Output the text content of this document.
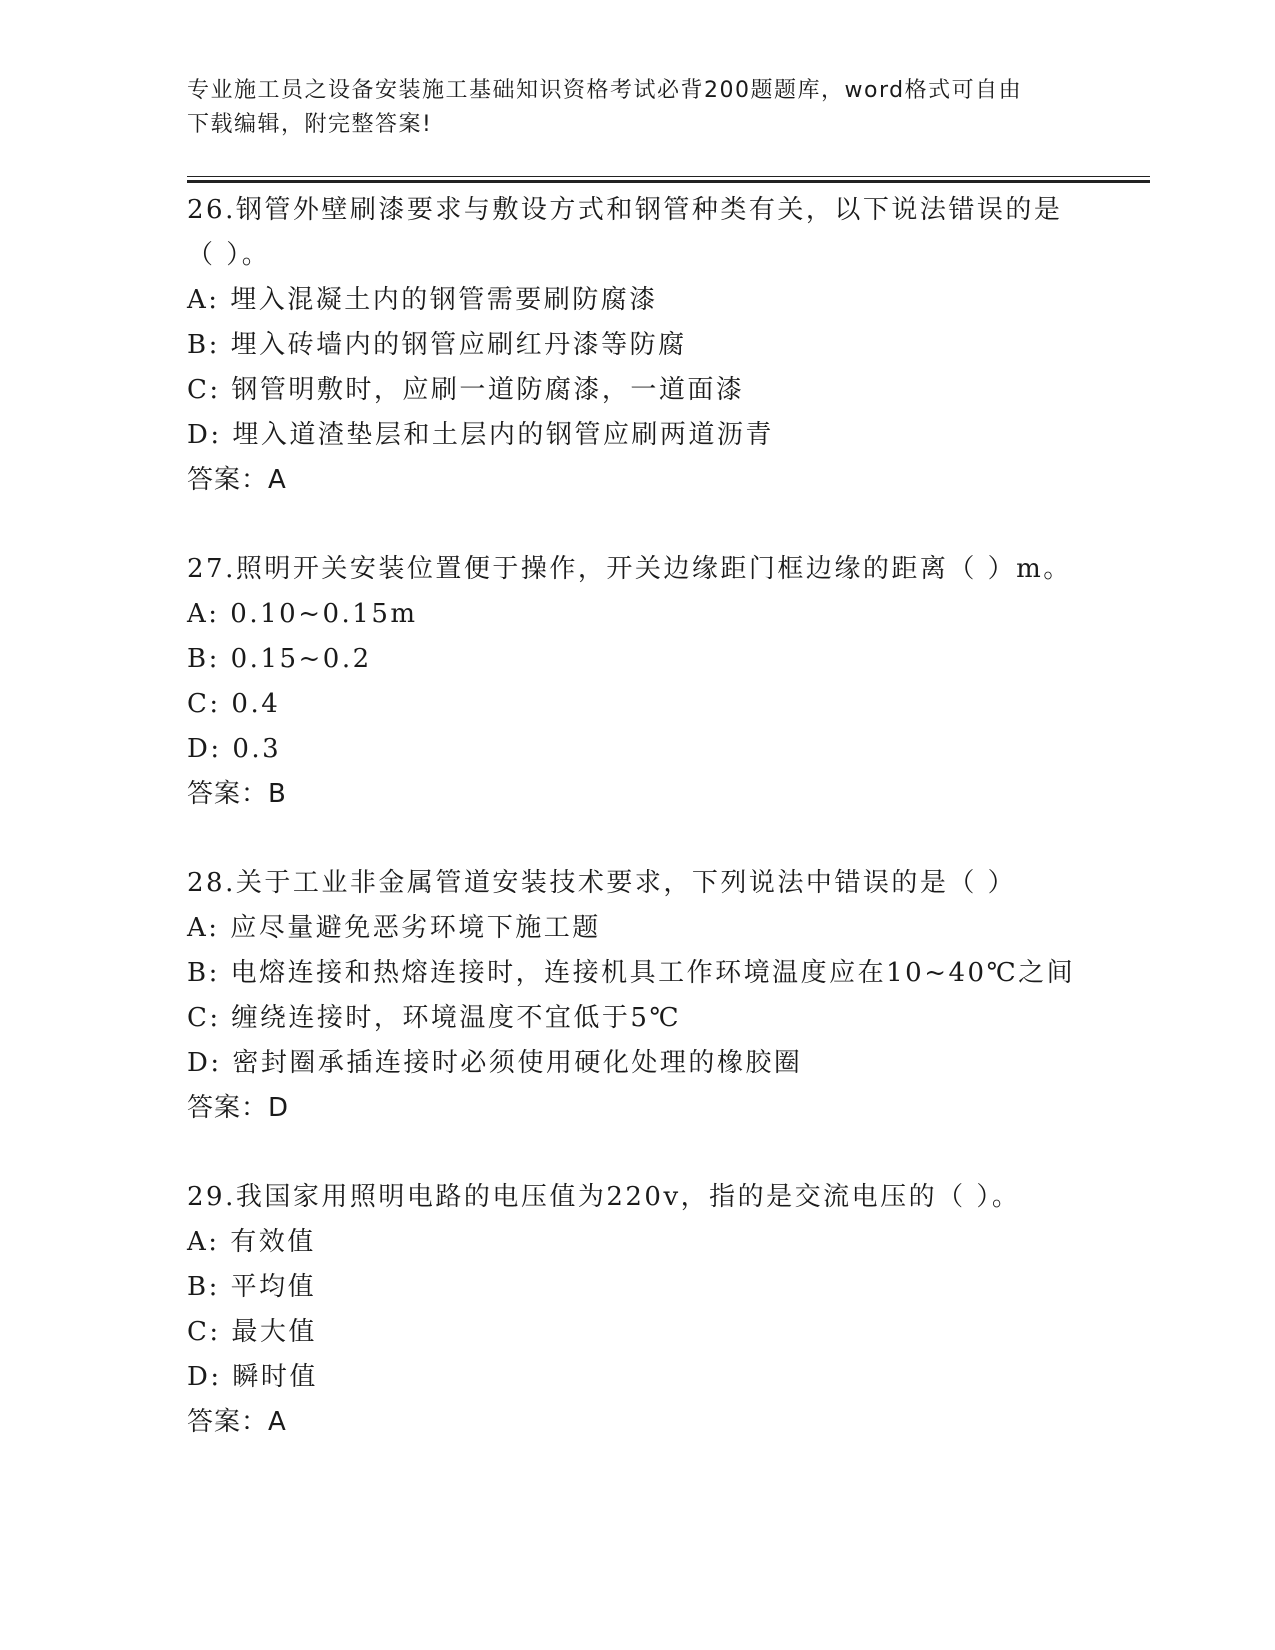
专业施工员之设备安装施工基础知识资格考试必背200题题库，word格式可自由
下载编辑，附完整答案!
26.钢管外壁刷漆要求与敷设方式和钢管种类有关，以下说法错误的是
（ ）。
A: 埋入混凝土内的钢管需要刷防腐漆
B: 埋入砖墙内的钢管应刷红丹漆等防腐
C: 钢管明敷时，应刷一道防腐漆，一道面漆
D: 埋入道渣垫层和土层内的钢管应刷两道沥青
答案：A
27.照明开关安装位置便于操作，开关边缘距门框边缘的距离（ ）m。
A: 0.10~0.15m
B: 0.15~0.2
C: 0.4
D: 0.3
答案：B
28.关于工业非金属管道安装技术要求，下列说法中错误的是（ ）
A: 应尽量避免恶劣环境下施工题
B: 电熔连接和热熔连接时，连接机具工作环境温度应在10~40℃之间
C: 缠绕连接时，环境温度不宜低于5℃
D: 密封圈承插连接时必须使用硬化处理的橡胶圈
答案：D
29.我国家用照明电路的电压值为220v，指的是交流电压的（ ）。
A: 有效值
B: 平均值
C: 最大值
D: 瞬时值
答案：A
